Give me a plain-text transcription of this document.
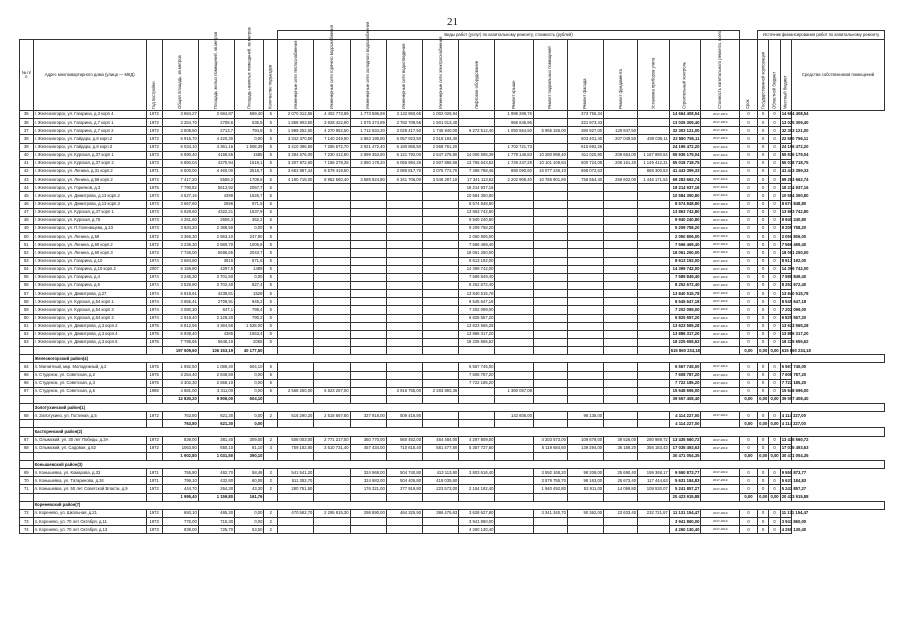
21
							Виды работ (услуг) по капитальному ремонту, стоимость (рублей)														Источник финансирования работ по капитальному ремонту			
№ п/п	Адрес многоквартирного дома (улица — МКД)	Год постройки	Общая площадь, кв.метров	Площадь жилых помещений, кв.метров	Площадь нежилых помещений, кв.метров	Количество подъездов	Инженерные сети теплоснабжения	Инженерные сети горячего водоснабжения	Инженерные сети холодного водоснабжения	Инженерные сети водоотведения	Инженерные сети электроснабжения	Лифтовое оборудование	Ремонт крыши	Ремонт подвальных помещений	Ремонт фасада	Ремонт фундамента	Установка приборов учета	Строительный контроль	Стоимость капитального ремонта, всего	Срок	Государственной корпорации	Областной бюджет	Местный бюджет	Средства собственников помещений
35	г. Железногорск, ул. Гагарина, д.3 корп 4	1972	3 684,27	2 684,87	589,40	5	2 070 312,55	4 402 773,89	1 773 596,69	3 132 950,65	1 002 026,94		1 999 289,76		373 755,34			14 664 408,54	2017-2019	0	0	0	14 664 408,54	
36	г. Железногорск, ул. Гагарина, д.7 корп 1	1972	3 254,70	2708,6	535,5	5	1 858 903,50	3 928 422,90	1 575 374,89	2 782 708,56	1 501 013,40		966 645,96		331 973,43			13 025 309,40	2017-2019	0	0	0	13 025 309,40	
37	г. Железногорск, ул. Гагарина, д.7 корп 2	1972	3 508,50	2713,7	794,8	5	1 999 252,50	4 270 962,50	1 712 634,20	3 025 417,50	1 745 940,00	9 272 512,40	1 050 554,50	5 955 155,00	360 927,00	129 847,50		32 303 121,00	2017-2019	0	0	0	32 303 121,00	
38	г. Железногорск, ул. Гайдара, д.8 корп.2	1972	5 915,70	4 420,30	0,00	5	3 342 370,50	7 140 249,90	2 863 198,80	5 057 923,50	2 518 184,40				603 401,40	207 049,50	469 036,11	22 580 756,11	2017-2019	0	0	0	22 580 756,11	
39	г. Железногорск, ул. Гайдара, д.8 корп.3	1972	6 034,10	4 361,16	1 508,39	5	3 410 396,50	7 285 572,70	2 921 472,40	5 180 865,50	2 568 761,20		1 702 721,73		615 692,26			24 196 472,20	2017-2019	0	0	0	24 196 472,20	
40	г. Железногорск, ул. Курская, д.37 корп 1	1973	5 990,40	4168,55	1585	5	3 384 576,00	7 230 412,80	2 899 353,60	5 121 792,00	2 547 278,80	14 005 595,39	1 779 146,83	10 280 998,40	611 020,80	209 664,00	1 167 880,64	55 936 179,04	2017-2019	0	0	0	55 936 179,04	
41	г. Железногорск, ул. Курская, д.37 корп 2	1973	5 850,04	4370,94	1519,1	5	3 307 872,60	7 186 278,28	2 850 178,34	5 055 994,26	2 507 888,58	13 755 643,52	1 749 247,28	10 101 109,84	600 724,08	206 151,40	1 149 412,31	55 018 718,75	2017-2019	0	0	0	55 018 718,75	
42	г. Железногорск, ул. Ленина, д.31 корп.2	1971	6 500,00	4 460,00	3518,7	5	3 663 887,44	6 579 419,60		3 080 817,70	3 075 772,70	7 498 788,46	850 090,60	16 077 246,10	668 072,63		868 300,63	41 443 399,33	2017-2019	0	0	0	41 443 399,33	
43	г. Железногорск, ул. Ленина, д.58 корп.2	1972	7 417,20	5558,2	1709,6	5	4 190 718,00	8 952 560,40	3 589 924,80	6 341 706,00	3 546 287,18	17 341 113,52	2 202 908,40	10 765 901,80	756 554,40	259 602,00	1 446 171,54	69 283 662,74	2017-2019	0	0	0	69 283 662,74	
44	г. Железногорск, ул. Горняков, д.3	1975	7 790,82	5613,92	2067,7	5						18 214 937,16						18 214 937,16	2017-2019	0	0	0	18 214 937,16	
45	г. Железногорск, ул. Димитрова, д.13 корп.2	1973	4 527,16	4399	1526,7	5						10 584 350,80						10 584 350,80	2017-2019	0	0	0	10 584 350,80	
46	г. Железногорск, ул. Димитрова, д.13 корп.3	1973	3 667,60	2696	971,5	5						8 574 848,80						8 574 848,80	2017-2019	0	0	0	8 574 848,80	
47	г. Железногорск, ул. Курская, д.47 корп 1	1973	5 929,60	4322,21	1537,9	5						13 863 742,80						13 863 742,80	2017-2019	0	0	0	13 863 742,80	
48	г. Железногорск, ул. Курская, д.78	1973	4 251,60	2606,3	362,2	5						9 940 240,80						9 940 240,80	2017-2019	0	0	0	9 940 240,80	
49	г. Железногорск, ул. П.Голенищева, д.23	1973	3 934,20	2 388,50	0,00	9						9 209 758,20						9 209 758,20	2017-2019	0	0	0	9 209 758,20	
50	г. Железногорск, ул. Ленина, д.59	1972	3 366,30	2 663,10	247,90	5						2 050 806,00						2 050 806,00	2017-2019	0	0	0	2 050 806,00	
51	г. Железногорск, ул. Ленина, д.60 корп.2	1972	3 236,30	2 680,70	1005,6	5						7 566 469,40						7 566 469,40	2017-2019	0	0	0	7 566 469,40	
52	г. Железногорск, ул. Ленина, д.60 корп.3	1973	7 726,00	5596,65	2043,7	5						18 061 250,00						18 061 250,00	2017-2019	0	0	0	18 061 250,00	
53	г. Железногорск, ул. Гагарина, д.10	1974	3 684,60	3615	571,5	5						8 613 192,00						8 613 192,00	2017-2019	0	0	0	8 613 192,00	
54	г. Железногорск, ул. Гагарина, д.10 корп.2	2007	6 159,80	4297,5	1489	5						14 399 742,00						14 399 742,00	2017-2019	0	0	0	14 399 742,00	
55	г. Железногорск, ул. Гагарина, д.4	1974	3 246,30	2 701,50	0,00	5						7 589 849,40						7 589 849,40	2017-2019	0	0	0	7 589 849,40	
56	г. Железногорск, ул. Гагарина, д.6	1974	3 529,80	2 702,40	827,4	5						8 252 672,40						8 252 672,40	2017-2019	0	0	0	8 252 672,40	
57	г. Железногорск, ул. Димитрова, д.27	1974	5 918,61	4239,81	1528	5						13 840 515,78						13 840 515,78	2017-2019	0	0	0	13 840 515,78	
58	г. Железногорск, ул. Курская, д.54 корп 1	1974	3 655,41	2709,91	945,2	5						8 545 647,18						8 545 647,18	2017-2019	0	0	0	8 545 647,18	
59	г. Железногорск, ул. Курская, д.54 корп 3	1974	3 080,30	647,1	798,4	5						7 202 099,00						7 202 099,00	2017-2019	0	0	0	7 202 099,00	
60	г. Железногорск, ул. Курская, д.64 корп 2	1974	2 919,40	2 129,20	790,2	5						6 825 557,20						6 825 557,20	2017-2019	0	0	0	6 825 557,20	
61	г. Железногорск, ул. Димитрова, д.3 корп.2	1975	5 812,56	4 384,56	1 528,00	5						13 623 565,28						13 623 565,28	2017-2019	0	0	0	13 623 565,28	
62	г. Железногорск, ул. Димитрова, д.3 корп.4	1975	5 939,40	4385	1553,4	5						13 886 317,20						13 886 317,20	2017-2019	0	0	0	13 886 317,20	
63	г. Железногорск, ул. Димитрова, д.3 корп.5	1975	7 795,65	5646,19	2065	5						18 225 655,62						18 225 655,62	2017-2019	0	0	0	18 225 655,62	
			197 509,60	136 153,19	40 177,50													615 860 234,18		0,00	0,00	0,00	615 860 234,18	
	Железногорский район(4)																							
64	п. Магнитный, мкр. Молодежный, д.2	1975	1 592,50	1 088,40	504,10	5						6 567 745,00						6 567 745,00	2017-2019	0	0	0	6 567 745,00	
65	п. Студенок, ул. Советская, д.2	1975	3 254,40	2 648,50	0,00	5						7 608 787,20						7 608 787,20	2017-2019	0	0	0	7 608 787,20	
66	п. Студенок, ул. Советская, д.3	1975	3 302,30	2 658,10	0,00	5						7 722 185,20						7 722 185,20	2017-2019	0	0	0	7 722 185,20	
67	п. Студенок, ул. Советская, д.6	1986	4 681,00	3 311,00	0,00	5	2 568 250,00	5 523 267,00		3 916 755,00	2 283 893,36		1 360 057,08					15 648 696,00	2017-2019	0	0	0	15 648 696,00	
			12 830,20	9 906,00	504,10													39 557 408,40		0,00	0,00	0,00	39 557 408,40	
	Золотухинский район(1)																							
68	п. Золотухино, ул. Гостиная, д.5	1972	763,80	621,30	0,00	2	516 290,20	2 518 667,80	327 918,00	509 416,80			142 606,00		98 138,00			4 114 227,00	2017-2019	0	0	0	4 114 227,00	
			763,80	621,30	0,00													4 114 227,00		0,00	0,00	0,00	4 114 227,00	
	Касторенский район(2)																							
67	п. Олымский, ул. 30 лет Победы, д.3А	1972	839,00	381,40	309,00	2	508 003,00	2 771 217,00	360 770,00	560 452,00	464 484,00	4 297 809,00		4 203 573,00	109 679,00	39 526,00	280 989,72	13 435 560,72	2017-2019	0	0	0	13 435 560,72	
68	п. Олымский, ул. Садовая, д.52	1972	1063,80	650,10	81,10	3	759 182,80	3 510 731,40	457 434,00	710 618,40	581 477,80	5 357 727,60		5 119 684,60	139 294,00	36 159,20	356 183,43	17 035 493,63	2017-2019	0	0	0	17 035 493,63	
			1 902,80	1 031,50	390,10													30 471 054,35		0,00	0,00	0,00	30 471 054,35	
	Конышевский район(3)																							
69	п. Конышевка, ул. Комарова, д.33	1971	755,90	462,70	58,48	2	541 541,20		324 968,00	504 740,80	413 113,80	3 803 616,40		3 592 168,20	98 208,00	25 690,40	199 368,17	9 550 873,77	2017-2019	0	0	0	9 550 873,77	
70	п. Конышевка, ул. Татаринова, д.34	1971	795,10	432,80	60,08	2	511 352,70		324 683,00	504 405,80	418 035,60			3 579 755,70	98 163,00	25 673,40	117 444,63	5 631 184,83	2017-2019	0	0	0	5 631 184,83	
71	п. Конышевка, ул. 50 лет Советской Власти, д.9	1972	444,70	264,30	43,30	2	280 751,50		176 321,00	277 919,80	223 573,00	2 154 182,40		1 940 492,80	53 911,00	14 099,80	109 530,07	5 241 857,27	2017-2019	0	0	0	5 241 857,27	
			1 995,40	1 159,80	161,76													20 423 915,88		0,00	0,00	0,00	20 423 915,88	
	Кореневский район(7)																							
72	п. Коренево, ул. Школьная, д.21	1972	693,10	465,30	0,00	2	470 582,70	2 295 915,30	298 890,00	464 325,90	386 475,63	3 628 627,80		3 341 340,70	90 362,00	23 633,40	232 721,57	11 131 154,47	2017-2019	0	0	0	11 131 154,47	
73	п. Коренево, ул. 70 лет Октября, д.11	1973	776,00	715,30	0,00	2						3 941 860,00						3 941 860,00	2017-2019	0	0	0	3 941 860,00	
74	п. Коренево, ул. 70 лет Октября, д.13	1973	839,00	725,70	53,50	2						4 260 130,40						4 260 130,40	2017-2019	0	0	0	4 260 130,40	
